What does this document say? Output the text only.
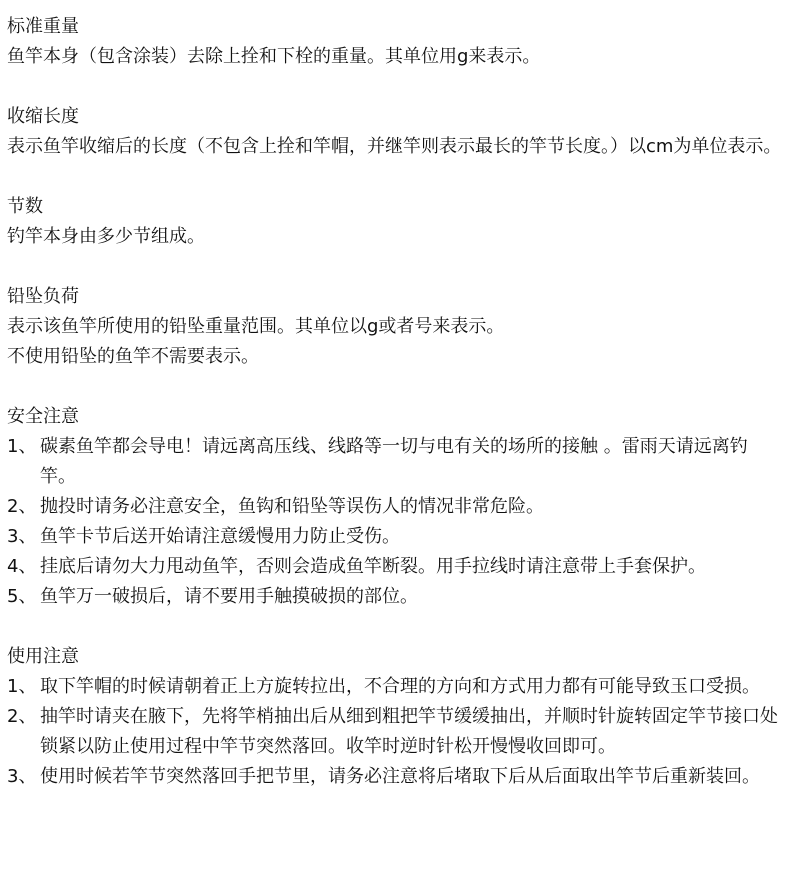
标准重量

鱼竿本身（包含涂装）去除上拴和下栓的重量。其单位用g来表示。

收缩长度

表示鱼竿收缩后的长度（不包含上拴和竿帽，并继竿则表示最长的竿节长度。）以cm为单位表示。

节数

钓竿本身由多少节组成。

铅坠负荷

表示该鱼竿所使用的铅坠重量范围。其单位以g或者号来表示。

不使用铅坠的鱼竿不需要表示。

安全注意

1、 碳素鱼竿都会导电！请远离高压线、线路等一切与电有关的场所的接触 。雷雨天请远离钓竿。
2、 抛投时请务必注意安全，鱼钩和铅坠等误伤人的情况非常危险。
3、 鱼竿卡节后送开始请注意缓慢用力防止受伤。
4、 挂底后请勿大力甩动鱼竿，否则会造成鱼竿断裂。用手拉线时请注意带上手套保护。
5、 鱼竿万一破损后，请不要用手触摸破损的部位。

使用注意

1、 取下竿帽的时候请朝着正上方旋转拉出，不合理的方向和方式用力都有可能导致玉口受损。
2、 抽竿时请夹在腋下，先将竿梢抽出后从细到粗把竿节缓缓抽出，并顺时针旋转固定竿节接口处锁紧以防止使用过程中竿节突然落回。收竿时逆时针松开慢慢收回即可。
3、 使用时候若竿节突然落回手把节里，请务必注意将后堵取下后从后面取出竿节后重新装回。
